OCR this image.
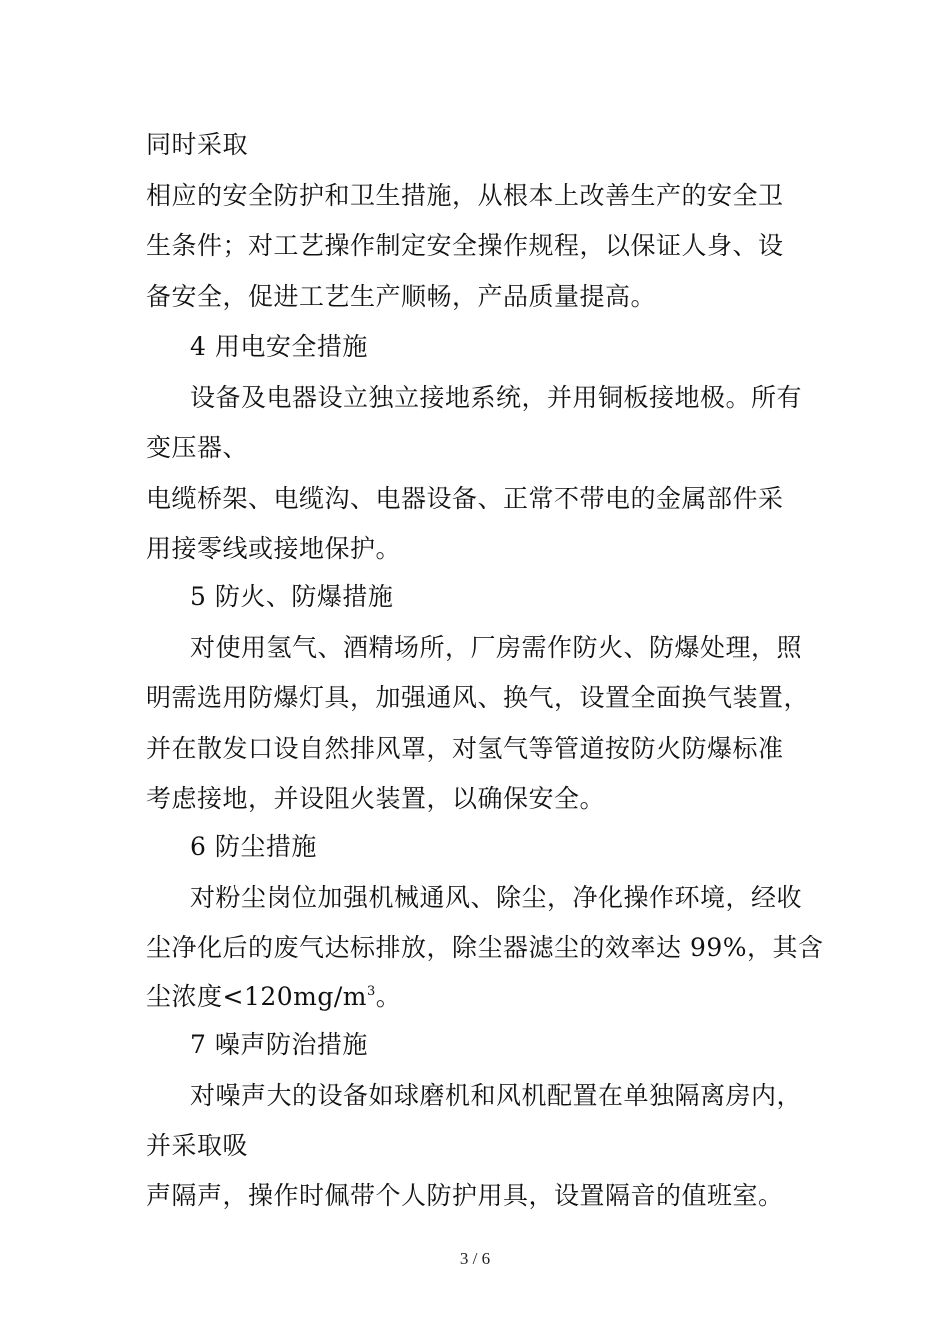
同时采取
相应的安全防护和卫生措施，从根本上改善生产的安全卫
生条件；对工艺操作制定安全操作规程，以保证人身、设
备安全，促进工艺生产顺畅，产品质量提高。
4 用电安全措施
设备及电器设立独立接地系统，并用铜板接地极。所有
变压器、
电缆桥架、电缆沟、电器设备、正常不带电的金属部件采
用接零线或接地保护。
5 防火、防爆措施
对使用氢气、酒精场所，厂房需作防火、防爆处理，照
明需选用防爆灯具，加强通风、换气，设置全面换气装置，
并在散发口设自然排风罩，对氢气等管道按防火防爆标准
考虑接地，并设阻火装置，以确保安全。
6 防尘措施
对粉尘岗位加强机械通风、除尘，净化操作环境，经收
尘净化后的废气达标排放，除尘器滤尘的效率达 99%，其含
尘浓度$<120mg/m^3$。
7 噪声防治措施
对噪声大的设备如球磨机和风机配置在单独隔离房内，
并采取吸
声隔声，操作时佩带个人防护用具，设置隔音的值班室。
3 / 6
